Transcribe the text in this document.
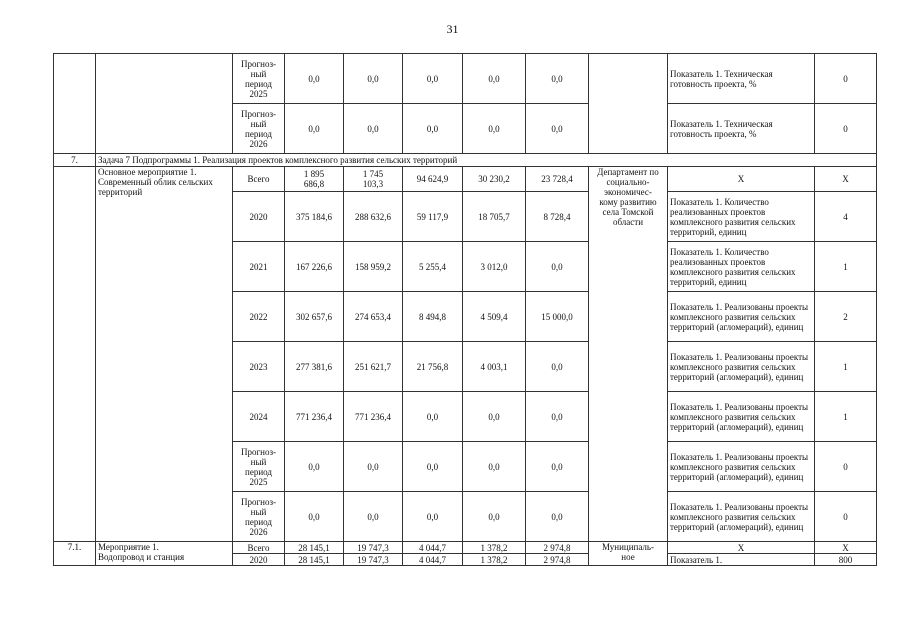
31
		Прогноз-
ный
период
2025	0,0	0,0	0,0	0,0	0,0		Показатель 1. Техническая готовность проекта, %	0
		Прогноз-
ный
период
2026	0,0	0,0	0,0	0,0	0,0		Показатель 1. Техническая готовность проекта, %	0
7.	Задача 7 Подпрограммы 1. Реализация проектов комплексного развития сельских территорий									
	Основное мероприятие 1. Современный облик сельских территорий	Всего	1 895
686,8	1 745
103,3	94 624,9	30 230,2	23 728,4	Департамент по социально-экономичес-кому развитию села Томской области	Х	Х
		2020	375 184,6	288 632,6	59 117,9	18 705,7	8 728,4		Показатель 1. Количество реализованных проектов комплексного развития сельских территорий, единиц	4
		2021	167 226,6	158 959,2	5 255,4	3 012,0	0,0		Показатель 1. Количество реализованных проектов комплексного развития сельских территорий, единиц	1
		2022	302 657,6	274 653,4	8 494,8	4 509,4	15 000,0		Показатель 1. Реализованы проекты комплексного развития сельских территорий (агломераций), единиц	2
		2023	277 381,6	251 621,7	21 756,8	4 003,1	0,0		Показатель 1. Реализованы проекты комплексного развития сельских территорий (агломераций), единиц	1
		2024	771 236,4	771 236,4	0,0	0,0	0,0		Показатель 1. Реализованы проекты комплексного развития сельских территорий (агломераций), единиц	1
		Прогноз-
ный
период
2025	0,0	0,0	0,0	0,0	0,0		Показатель 1. Реализованы проекты комплексного развития сельских территорий (агломераций), единиц	0
		Прогноз-
ный
период
2026	0,0	0,0	0,0	0,0	0,0		Показатель 1. Реализованы проекты комплексного развития сельских территорий (агломераций), единиц	0
7.1.	Мероприятие 1.
Водопровод и станция	Всего	28 145,1	19 747,3	4 044,7	1 378,2	2 974,8	Муниципаль-
ное	Х	Х
		2020	28 145,1	19 747,3	4 044,7	1 378,2	2 974,8		Показатель 1.	800
